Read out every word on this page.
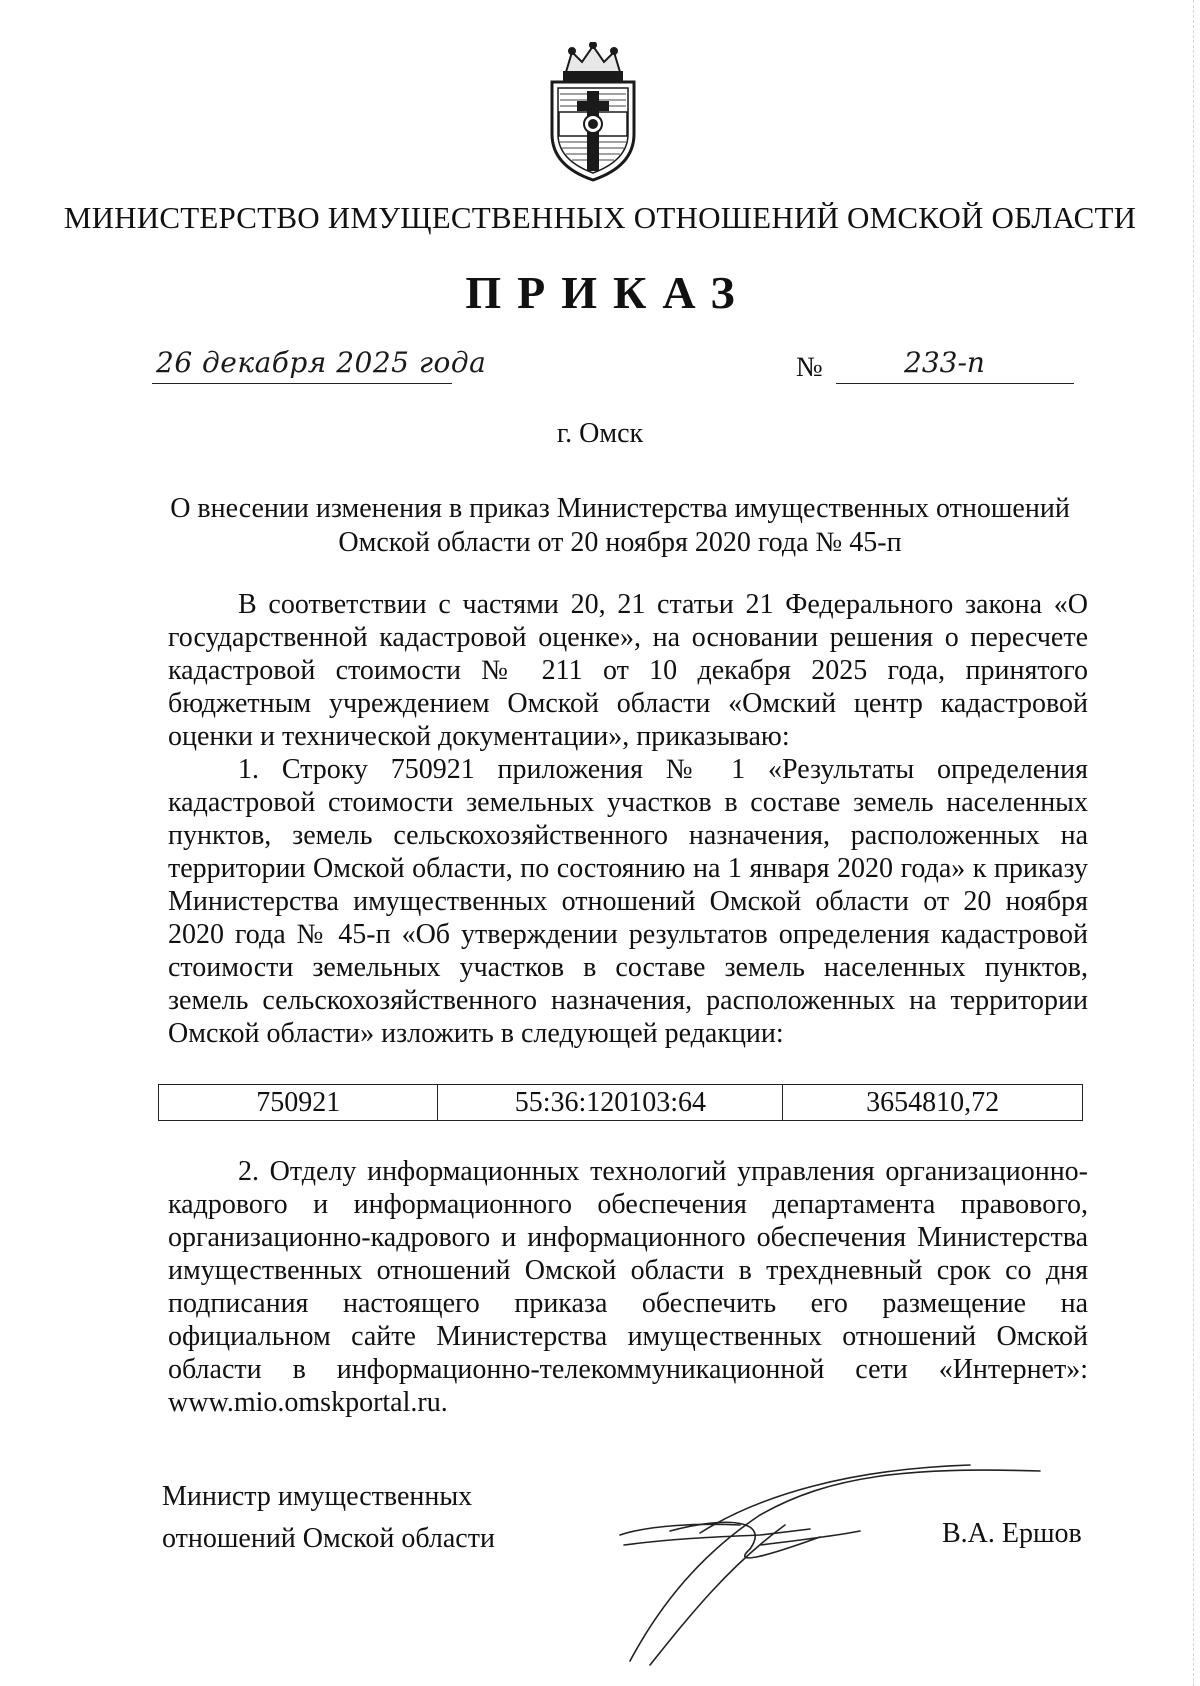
МИНИСТЕРСТВО ИМУЩЕСТВЕННЫХ ОТНОШЕНИЙ ОМСКОЙ ОБЛАСТИ
ПРИКАЗ
26 декабря 2025 года	№	233-п
г. Омск
О внесении изменения в приказ Министерства имущественных отношений
Омской области от 20 ноября 2020 года № 45-п

В соответствии с частями 20, 21 статьи 21 Федерального закона «О государственной кадастровой оценке», на основании решения о пересчете кадастровой стоимости № 211 от 10 декабря 2025 года, принятого бюджетным учреждением Омской области «Омский центр кадастровой оценки и технической документации», приказываю:

1. Строку 750921 приложения № 1 «Результаты определения кадастровой стоимости земельных участков в составе земель населенных пунктов, земель сельскохозяйственного назначения, расположенных на территории Омской области, по состоянию на 1 января 2020 года» к приказу Министерства имущественных отношений Омской области от 20 ноября 2020 года № 45-п «Об утверждении результатов определения кадастровой стоимости земельных участков в составе земель населенных пунктов, земель сельскохозяйственного назначения, расположенных на территории Омской области» изложить в следующей редакции:

750921	55:36:120103:64	3654810,72

2. Отделу информационных технологий управления организационно-кадрового и информационного обеспечения департамента правового, организационно-кадрового и информационного обеспечения Министерства имущественных отношений Омской области в трехдневный срок со дня подписания настоящего приказа обеспечить его размещение на официальном сайте Министерства имущественных отношений Омской области в информационно-телекоммуникационной сети «Интернет»: www.mio.omskportal.ru.

Министр имущественных
отношений Омской области	В.А. Ершов
